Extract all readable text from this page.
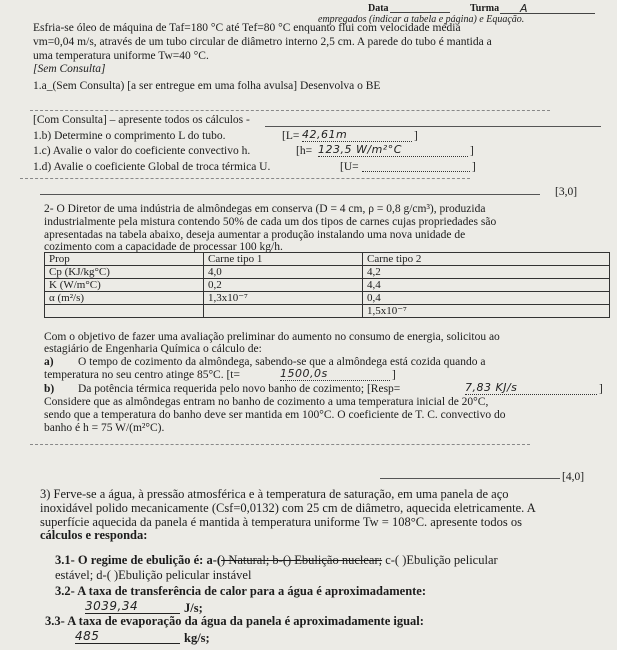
Data	Turma A
empregados (indicar a tabela e página) e Equação.
Esfria-se óleo de máquina de Taf=180 °C até Tef=80 °C enquanto flui com velocidade média
vm=0,04 m/s, através de um tubo circular de diâmetro interno 2,5 cm. A parede do tubo é mantida a
uma temperatura uniforme Tw=40 °C.
[Sem Consulta]
1.a_(Sem Consulta) [a ser entregue em uma folha avulsa] Desenvolva o BE
[Com Consulta] – apresente todos os cálculos -
1.b) Determine o comprimento L do tubo.	[L= 42,61m	]
1.c) Avalie o valor do coeficiente convectivo h.	[h= 123,5 W/m²°C	]
1.d) Avalie o coeficiente Global de troca térmica U.	[U=	]
[3,0]
2- O Diretor de uma indústria de almôndegas em conserva (D = 4 cm, ρ = 0,8 g/cm³), produzida
industrialmente pela mistura contendo 50% de cada um dos tipos de carnes cujas propriedades são
apresentadas na tabela abaixo, deseja aumentar a produção instalando uma nova unidade de
cozimento com a capacidade de processar 100 kg/h.
Prop	Carne tipo 1	Carne tipo 2
Cp (KJ/kg°C)	4,0	4,2
K (W/m°C)	0,2	4,4
α (m²/s)	1,3x10⁻⁷	0,4
		1,5x10⁻⁷
Com o objetivo de fazer uma avaliação preliminar do aumento no consumo de energia, solicitou ao
estagiário de Engenharia Química o cálculo de:
a) O tempo de cozimento da almôndega, sabendo-se que a almôndega está cozida quando a
temperatura no seu centro atinge 85°C. [t=	1500,0s	]
b) Da potência térmica requerida pelo novo banho de cozimento; [Resp=	7,83 KJ/s	]
Considere que as almôndegas entram no banho de cozimento a uma temperatura inicial de 20°C,
sendo que a temperatura do banho deve ser mantida em 100°C. O coeficiente de T. C. convectivo do
banho é h = 75 W/(m²°C).
[4,0]
3) Ferve-se a água, à pressão atmosférica e à temperatura de saturação, em uma panela de aço
inoxidável polido mecanicamente (Csf=0,0132) com 25 cm de diâmetro, aquecida eletricamente. A
superfície aquecida da panela é mantida à temperatura uniforme Tw = 108°C. apresente todos os
cálculos e responda:
3.1- O regime de ebulição é: a-() Natural; b-() Ebulição nuclear; c-( )Ebulição pelicular
estável; d-( )Ebulição pelicular instável
3.2- A taxa de transferência de calor para a água é aproximadamente:
3039,34	J/s;
3.3- A taxa de evaporação da água da panela é aproximadamente igual:
485	kg/s;
